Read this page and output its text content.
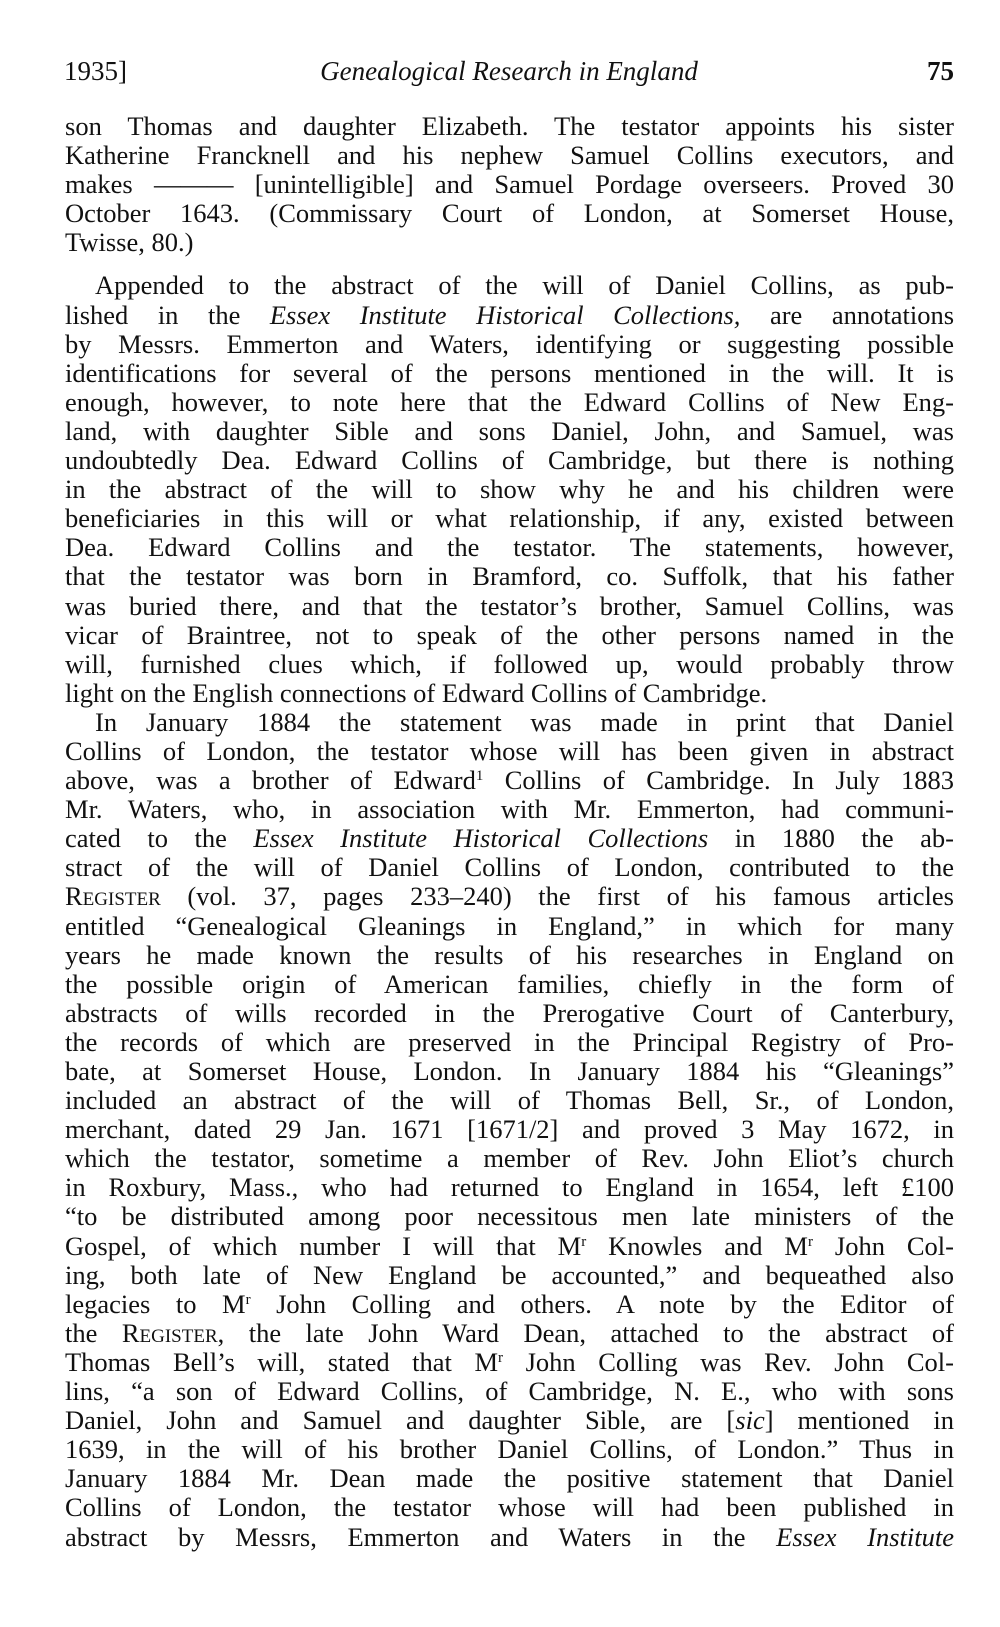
1935]	Genealogical Research in England	75
son Thomas and daughter Elizabeth. The testator appoints his sister
Katherine Francknell and his nephew Samuel Collins executors, and
makes ——— [unintelligible] and Samuel Pordage overseers. Proved 30
October 1643. (Commissary Court of London, at Somerset House,
Twisse, 80.)
Appended to the abstract of the will of Daniel Collins, as pub-
lished in the Essex Institute Historical Collections, are annotations
by Messrs. Emmerton and Waters, identifying or suggesting possible
identifications for several of the persons mentioned in the will. It is
enough, however, to note here that the Edward Collins of New Eng-
land, with daughter Sible and sons Daniel, John, and Samuel, was
undoubtedly Dea. Edward Collins of Cambridge, but there is nothing
in the abstract of the will to show why he and his children were
beneficiaries in this will or what relationship, if any, existed between
Dea. Edward Collins and the testator. The statements, however,
that the testator was born in Bramford, co. Suffolk, that his father
was buried there, and that the testator’s brother, Samuel Collins, was
vicar of Braintree, not to speak of the other persons named in the
will, furnished clues which, if followed up, would probably throw
light on the English connections of Edward Collins of Cambridge.
In January 1884 the statement was made in print that Daniel
Collins of London, the testator whose will has been given in abstract
above, was a brother of Edward$^1$ Collins of Cambridge. In July 1883
Mr. Waters, who, in association with Mr. Emmerton, had communi-
cated to the Essex Institute Historical Collections in 1880 the ab-
stract of the will of Daniel Collins of London, contributed to the
Register (vol. 37, pages 233–240) the first of his famous articles
entitled “Genealogical Gleanings in England,” in which for many
years he made known the results of his researches in England on
the possible origin of American families, chiefly in the form of
abstracts of wills recorded in the Prerogative Court of Canterbury,
the records of which are preserved in the Principal Registry of Pro-
bate, at Somerset House, London. In January 1884 his “Gleanings”
included an abstract of the will of Thomas Bell, Sr., of London,
merchant, dated 29 Jan. 1671 [1671/2] and proved 3 May 1672, in
which the testator, sometime a member of Rev. John Eliot’s church
in Roxbury, Mass., who had returned to England in 1654, left £100
“to be distributed among poor necessitous men late ministers of the
Gospel, of which number I will that $M^r$ Knowles and $M^r$ John Col-
ing, both late of New England be accounted,” and bequeathed also
legacies to $M^r$ John Colling and others. A note by the Editor of
the Register, the late John Ward Dean, attached to the abstract of
Thomas Bell’s will, stated that $M^r$ John Colling was Rev. John Col-
lins, “a son of Edward Collins, of Cambridge, N. E., who with sons
Daniel, John and Samuel and daughter Sible, are [sic] mentioned in
1639, in the will of his brother Daniel Collins, of London.” Thus in
January 1884 Mr. Dean made the positive statement that Daniel
Collins of London, the testator whose will had been published in
abstract by Messrs, Emmerton and Waters in the Essex Institute
